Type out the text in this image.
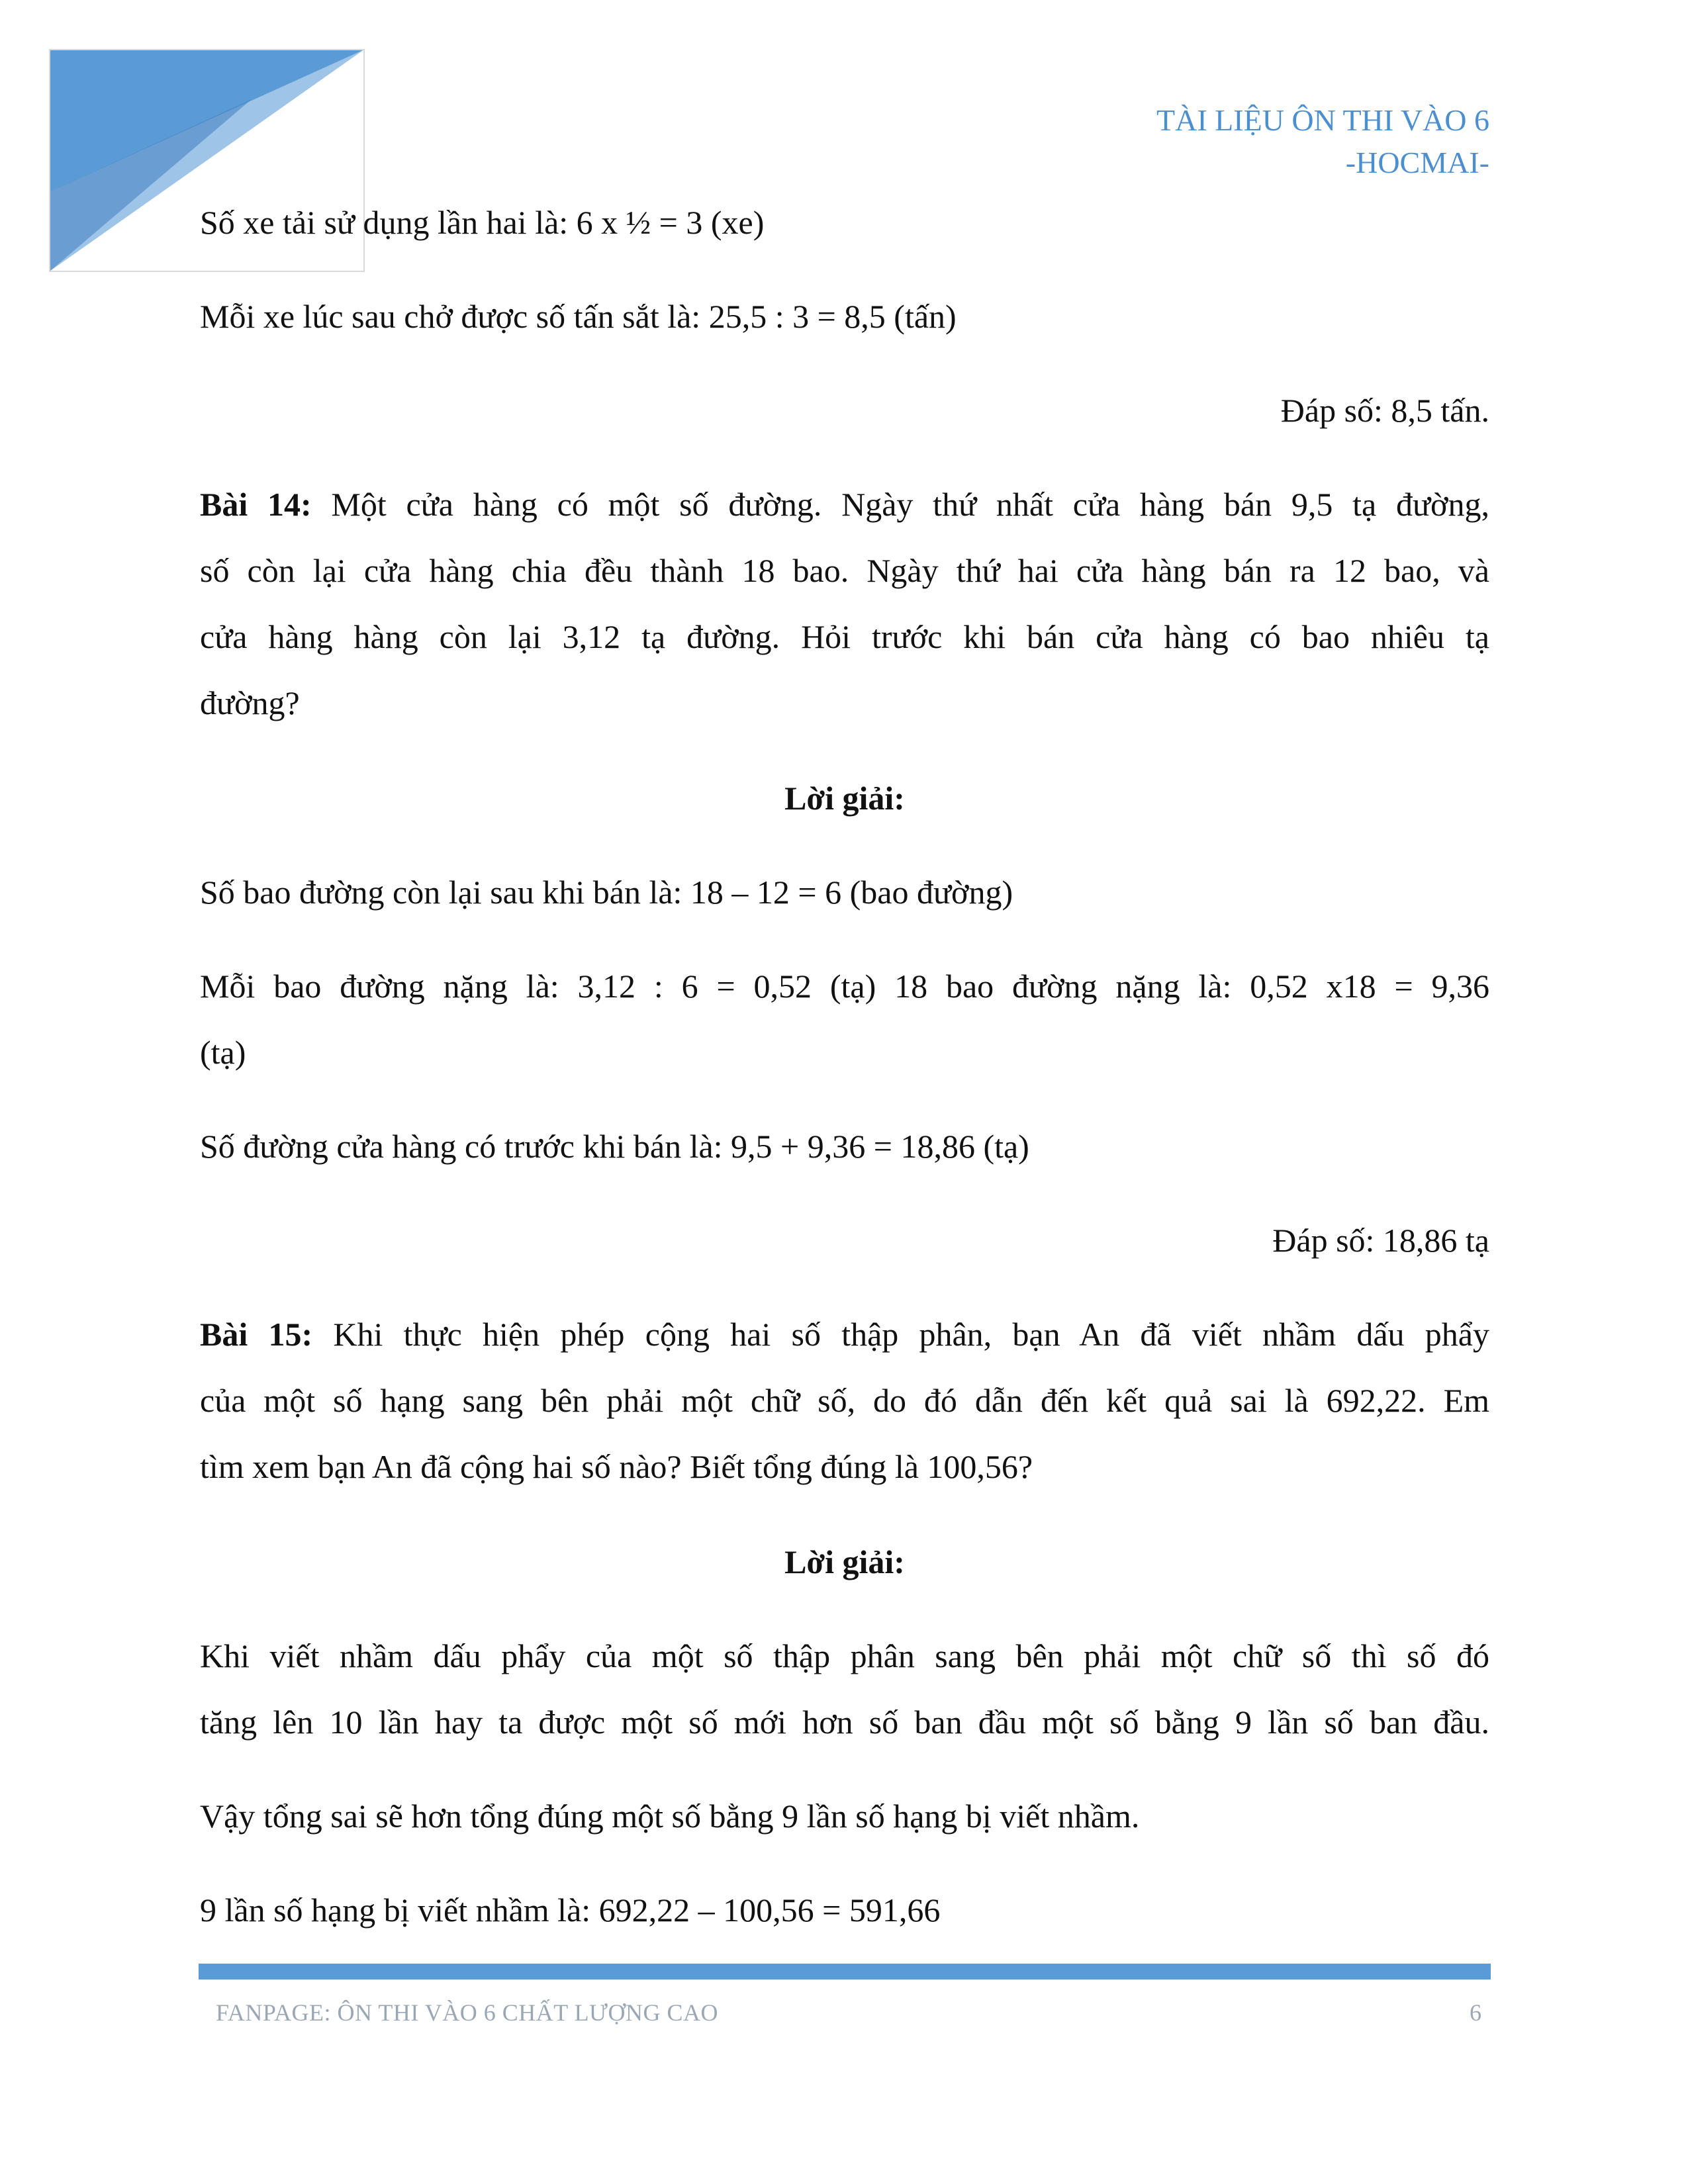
TÀI LIỆU ÔN THI VÀO 6
-HOCMAI-

Số xe tải sử dụng lần hai là: 6 x ½ = 3 (xe)

Mỗi xe lúc sau chở được số tấn sắt là: 25,5 : 3 = 8,5 (tấn)

Đáp số: 8,5 tấn.

Bài 14: Một cửa hàng có một số đường. Ngày thứ nhất cửa hàng bán 9,5 tạ đường,

số còn lại cửa hàng chia đều thành 18 bao. Ngày thứ hai cửa hàng bán ra 12 bao, và

cửa hàng hàng còn lại 3,12 tạ đường. Hỏi trước khi bán cửa hàng có bao nhiêu tạ

đường?

Lời giải:

Số bao đường còn lại sau khi bán là: 18 – 12 = 6 (bao đường)

Mỗi bao đường nặng là: 3,12 : 6 = 0,52 (tạ) 18 bao đường nặng là: 0,52 x18 = 9,36

(tạ)

Số đường cửa hàng có trước khi bán là: 9,5 + 9,36 = 18,86 (tạ)

Đáp số: 18,86 tạ

Bài 15: Khi thực hiện phép cộng hai số thập phân, bạn An đã viết nhầm dấu phẩy

của một số hạng sang bên phải một chữ số, do đó dẫn đến kết quả sai là 692,22. Em

tìm xem bạn An đã cộng hai số nào? Biết tổng đúng là 100,56?

Lời giải:

Khi viết nhầm dấu phẩy của một số thập phân sang bên phải một chữ số thì số đó

tăng lên 10 lần hay ta được một số mới hơn số ban đầu một số bằng 9 lần số ban đầu.

Vậy tổng sai sẽ hơn tổng đúng một số bằng 9 lần số hạng bị viết nhầm.

9 lần số hạng bị viết nhầm là: 692,22 – 100,56 = 591,66

FANPAGE: ÔN THI VÀO 6 CHẤT LƯỢNG CAO	6
